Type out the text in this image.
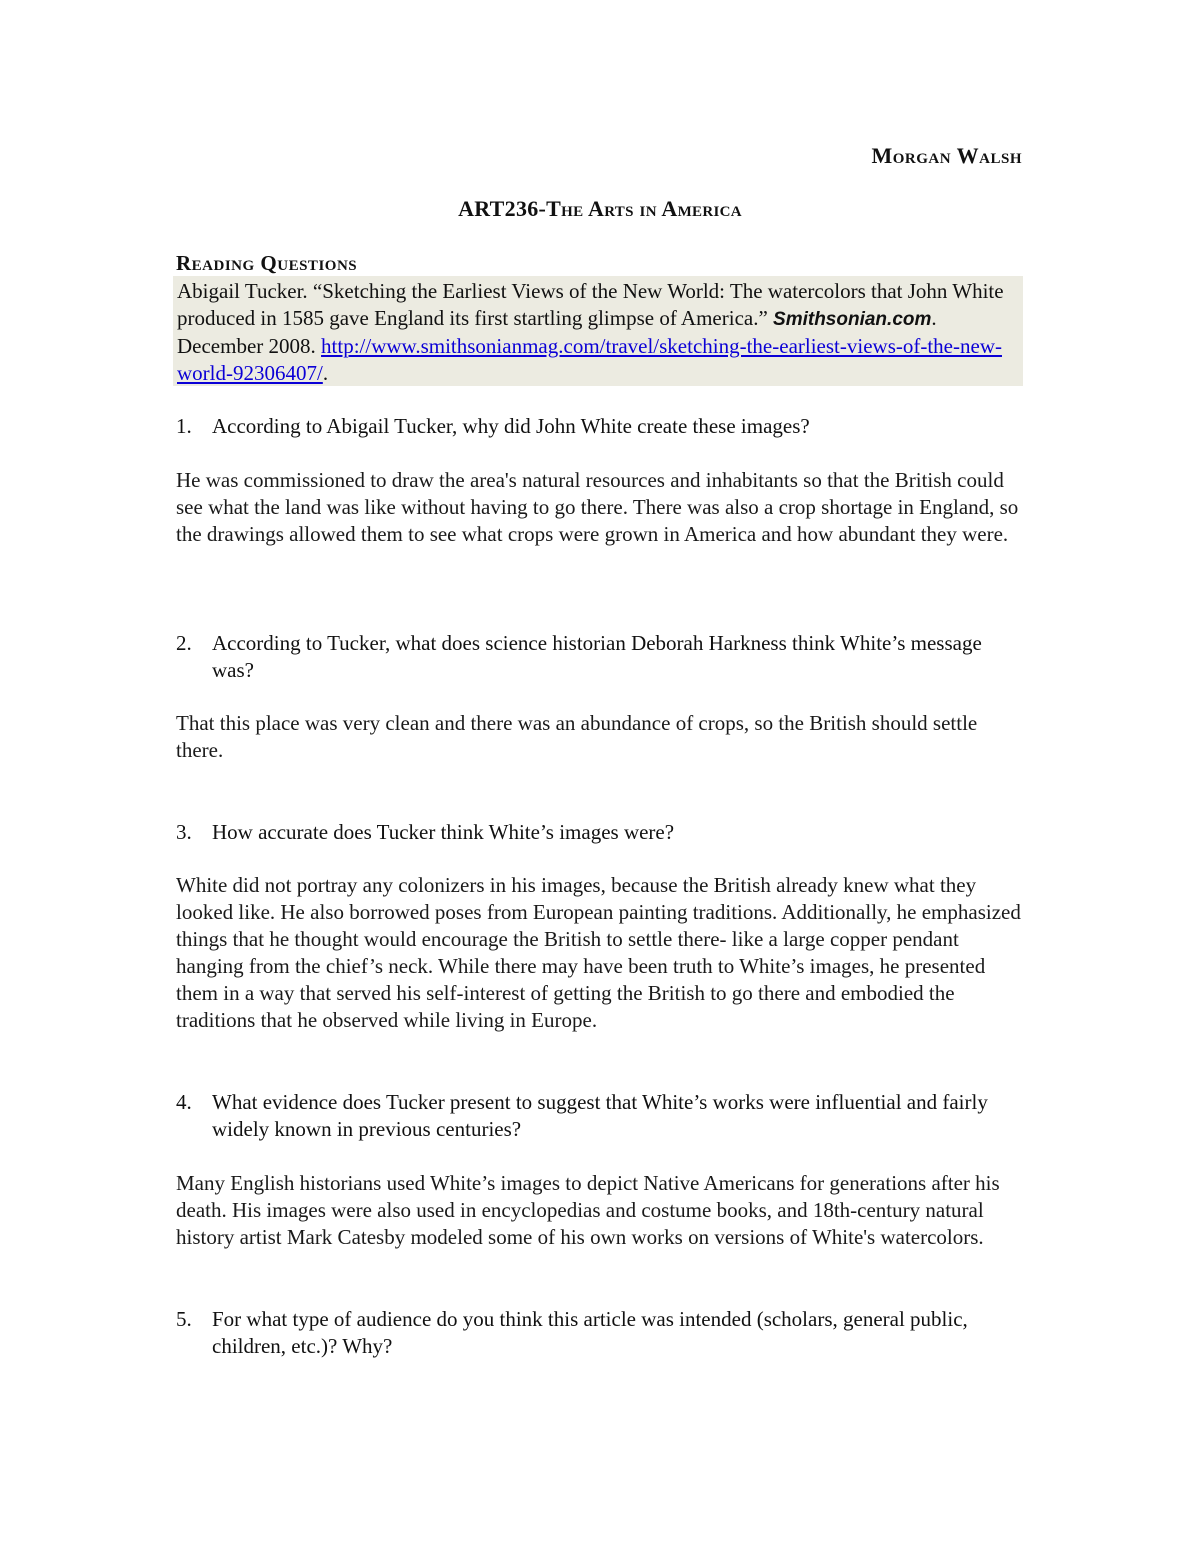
Morgan Walsh
ART236-The Arts in America
Reading Questions
Abigail Tucker. “Sketching the Earliest Views of the New World: The watercolors that John White produced in 1585 gave England its first startling glimpse of America.” Smithsonian.com. December 2008. http://www.smithsonianmag.com/travel/sketching-the-earliest-views-of-the-new-world-92306407/.
1. According to Abigail Tucker, why did John White create these images?
He was commissioned to draw the area's natural resources and inhabitants so that the British could see what the land was like without having to go there. There was also a crop shortage in England, so the drawings allowed them to see what crops were grown in America and how abundant they were.
2. According to Tucker, what does science historian Deborah Harkness think White’s message was?
That this place was very clean and there was an abundance of crops, so the British should settle there.
3. How accurate does Tucker think White’s images were?
White did not portray any colonizers in his images, because the British already knew what they looked like. He also borrowed poses from European painting traditions. Additionally, he emphasized things that he thought would encourage the British to settle there- like a large copper pendant hanging from the chief’s neck. While there may have been truth to White’s images, he presented them in a way that served his self-interest of getting the British to go there and embodied the traditions that he observed while living in Europe.
4. What evidence does Tucker present to suggest that White’s works were influential and fairly widely known in previous centuries?
Many English historians used White’s images to depict Native Americans for generations after his death. His images were also used in encyclopedias and costume books, and 18th-century natural history artist Mark Catesby modeled some of his own works on versions of White's watercolors.
5. For what type of audience do you think this article was intended (scholars, general public, children, etc.)? Why?
